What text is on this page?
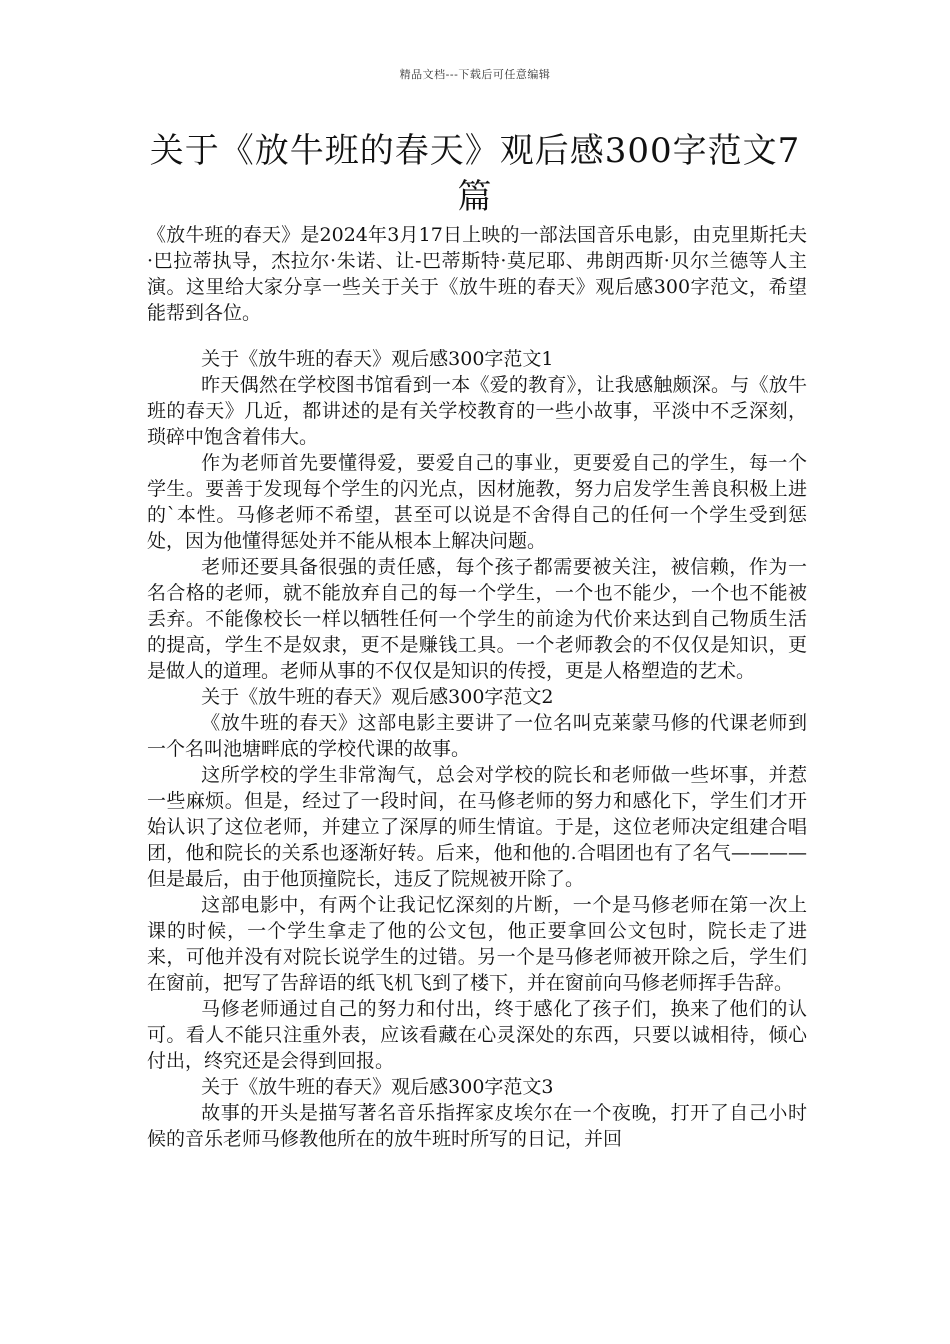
精品文档---下载后可任意编辑
关于《放牛班的春天》观后感300字范文7篇

《放牛班的春天》是2024年3月17日上映的一部法国音乐电影，由克里斯托夫·巴拉蒂执导，杰拉尔·朱诺、让-巴蒂斯特·莫尼耶、弗朗西斯·贝尔兰德等人主演。这里给大家分享一些关于关于《放牛班的春天》观后感300字范文，希望能帮到各位。

关于《放牛班的春天》观后感300字范文1

昨天偶然在学校图书馆看到一本《爱的教育》，让我感触颇深。与《放牛班的春天》几近，都讲述的是有关学校教育的一些小故事，平淡中不乏深刻，琐碎中饱含着伟大。

作为老师首先要懂得爱，要爱自己的事业，更要爱自己的学生，每一个学生。要善于发现每个学生的闪光点，因材施教，努力启发学生善良积极上进的`本性。马修老师不希望，甚至可以说是不舍得自己的任何一个学生受到惩处，因为他懂得惩处并不能从根本上解决问题。

老师还要具备很强的责任感，每个孩子都需要被关注，被信赖，作为一名合格的老师，就不能放弃自己的每一个学生，一个也不能少，一个也不能被丢弃。不能像校长一样以牺牲任何一个学生的前途为代价来达到自己物质生活的提高，学生不是奴隶，更不是赚钱工具。一个老师教会的不仅仅是知识，更是做人的道理。老师从事的不仅仅是知识的传授，更是人格塑造的艺术。

关于《放牛班的春天》观后感300字范文2

《放牛班的春天》这部电影主要讲了一位名叫克莱蒙马修的代课老师到一个名叫池塘畔底的学校代课的故事。

这所学校的学生非常淘气，总会对学校的院长和老师做一些坏事，并惹一些麻烦。但是，经过了一段时间，在马修老师的努力和感化下，学生们才开始认识了这位老师，并建立了深厚的师生情谊。于是，这位老师决定组建合唱团，他和院长的关系也逐渐好转。后来，他和他的.合唱团也有了名气————但是最后，由于他顶撞院长，违反了院规被开除了。

这部电影中，有两个让我记忆深刻的片断，一个是马修老师在第一次上课的时候，一个学生拿走了他的公文包，他正要拿回公文包时，院长走了进来，可他并没有对院长说学生的过错。另一个是马修老师被开除之后，学生们在窗前，把写了告辞语的纸飞机飞到了楼下，并在窗前向马修老师挥手告辞。

马修老师通过自己的努力和付出，终于感化了孩子们，换来了他们的认可。看人不能只注重外表，应该看藏在心灵深处的东西，只要以诚相待，倾心付出，终究还是会得到回报。

关于《放牛班的春天》观后感300字范文3

故事的开头是描写著名音乐指挥家皮埃尔在一个夜晚，打开了自己小时候的音乐老师马修教他所在的放牛班时所写的日记，并回
